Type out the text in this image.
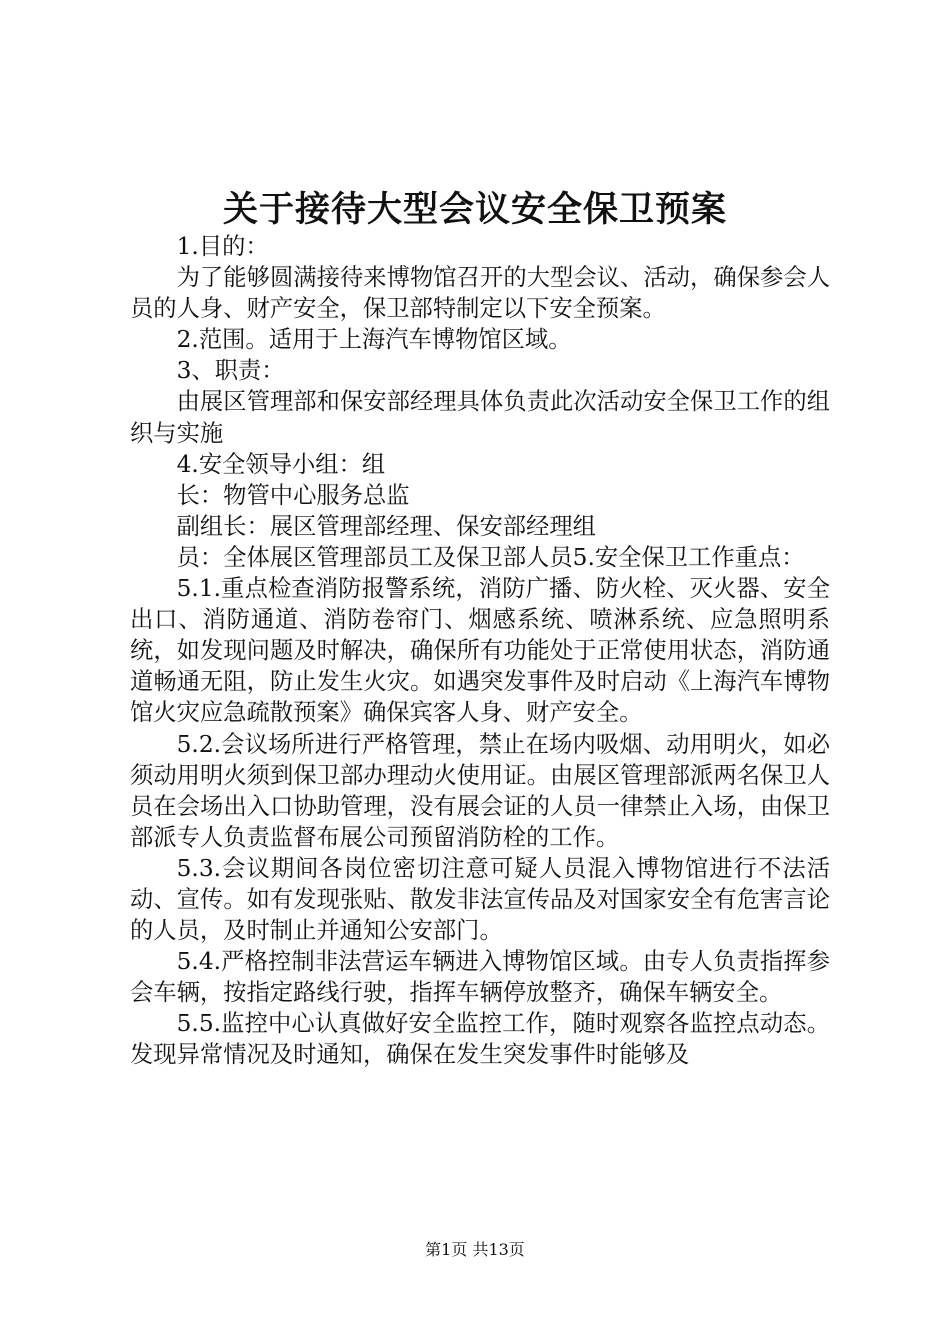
关于接待大型会议安全保卫预案

1.目的：

为了能够圆满接待来博物馆召开的大型会议、活动，确保参会人员的人身、财产安全，保卫部特制定以下安全预案。

2.范围。适用于上海汽车博物馆区域。

3、职责：

由展区管理部和保安部经理具体负责此次活动安全保卫工作的组织与实施

4.安全领导小组：组

长：物管中心服务总监

副组长：展区管理部经理、保安部经理组

员：全体展区管理部员工及保卫部人员5.安全保卫工作重点：

5.1.重点检查消防报警系统，消防广播、防火栓、灭火器、安全出口、消防通道、消防卷帘门、烟感系统、喷淋系统、应急照明系统，如发现问题及时解决，确保所有功能处于正常使用状态，消防通道畅通无阻，防止发生火灾。如遇突发事件及时启动《上海汽车博物馆火灾应急疏散预案》确保宾客人身、财产安全。

5.2.会议场所进行严格管理，禁止在场内吸烟、动用明火，如必须动用明火须到保卫部办理动火使用证。由展区管理部派两名保卫人员在会场出入口协助管理，没有展会证的人员一律禁止入场，由保卫部派专人负责监督布展公司预留消防栓的工作。

5.3.会议期间各岗位密切注意可疑人员混入博物馆进行不法活动、宣传。如有发现张贴、散发非法宣传品及对国家安全有危害言论的人员，及时制止并通知公安部门。

5.4.严格控制非法营运车辆进入博物馆区域。由专人负责指挥参会车辆，按指定路线行驶，指挥车辆停放整齐，确保车辆安全。

5.5.监控中心认真做好安全监控工作，随时观察各监控点动态。发现异常情况及时通知，确保在发生突发事件时能够及

第1页 共13页
